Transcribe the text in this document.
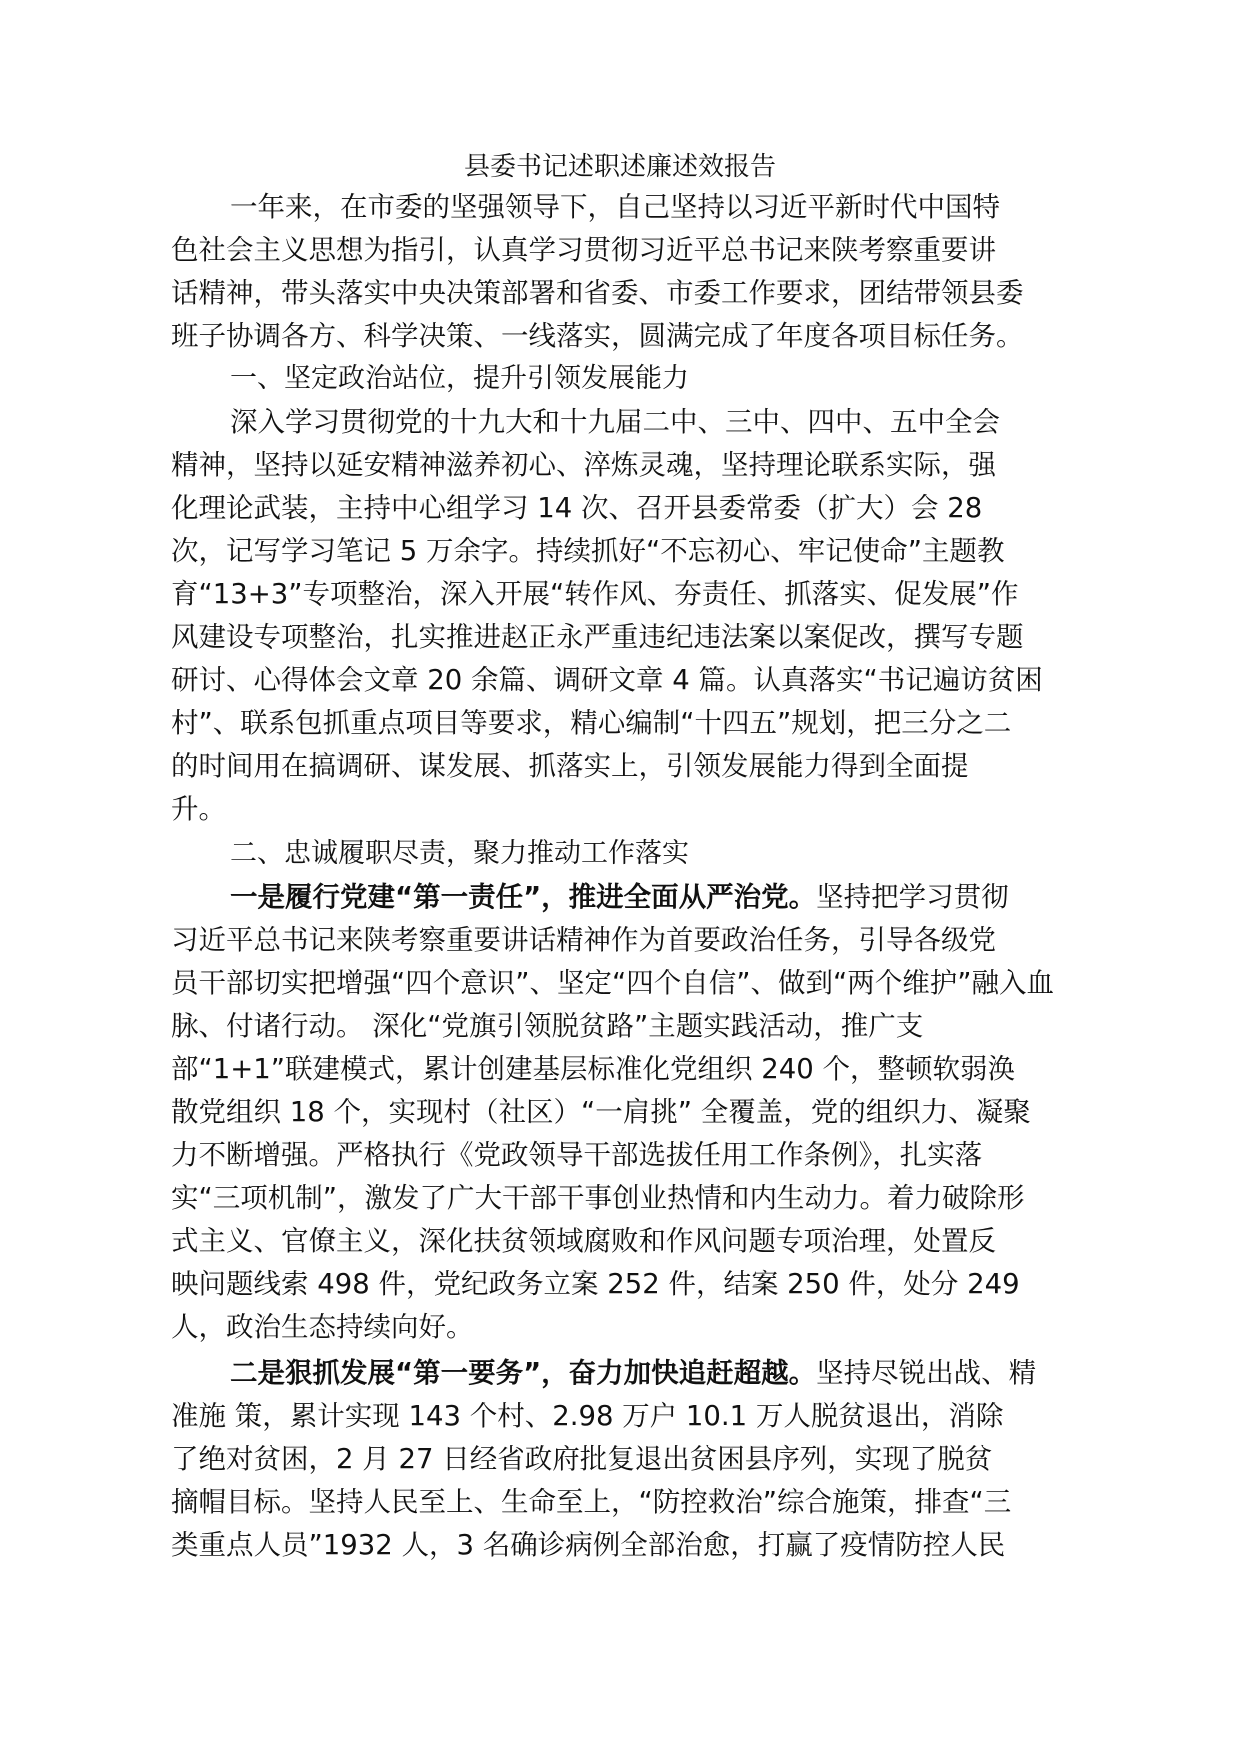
县委书记述职述廉述效报告
一年来，在市委的坚强领导下，自己坚持以习近平新时代中国特
色社会主义思想为指引，认真学习贯彻习近平总书记来陕考察重要讲
话精神，带头落实中央决策部署和省委、市委工作要求，团结带领县委
班子协调各方、科学决策、一线落实，圆满完成了年度各项目标任务。
一、坚定政治站位，提升引领发展能力
深入学习贯彻党的十九大和十九届二中、三中、四中、五中全会
精神，坚持以延安精神滋养初心、淬炼灵魂，坚持理论联系实际，强
化理论武装，主持中心组学习 14 次、召开县委常委（扩大）会 28
次，记写学习笔记 5 万余字。持续抓好“不忘初心、牢记使命”主题教
育“13+3”专项整治，深入开展“转作风、夯责任、抓落实、促发展”作
风建设专项整治，扎实推进赵正永严重违纪违法案以案促改，撰写专题
研讨、心得体会文章 20 余篇、调研文章 4 篇。认真落实“书记遍访贫困
村”、联系包抓重点项目等要求，精心编制“十四五”规划，把三分之二
的时间用在搞调研、谋发展、抓落实上，引领发展能力得到全面提
升。
二、忠诚履职尽责，聚力推动工作落实
一是履行党建“第一责任”，推进全面从严治党。坚持把学习贯彻
习近平总书记来陕考察重要讲话精神作为首要政治任务，引导各级党
员干部切实把增强“四个意识”、坚定“四个自信”、做到“两个维护”融入血
脉、付诸行动。 深化“党旗引领脱贫路”主题实践活动，推广支
部“1+1”联建模式，累计创建基层标准化党组织 240 个，整顿软弱涣
散党组织 18 个，实现村（社区）“一肩挑” 全覆盖，党的组织力、凝聚
力不断增强。严格执行《党政领导干部选拔任用工作条例》，扎实落
实“三项机制”，激发了广大干部干事创业热情和内生动力。着力破除形
式主义、官僚主义，深化扶贫领域腐败和作风问题专项治理，处置反
映问题线索 498 件，党纪政务立案 252 件，结案 250 件，处分 249
人，政治生态持续向好。
二是狠抓发展“第一要务”，奋力加快追赶超越。坚持尽锐出战、精
准施 策，累计实现 143 个村、2.98 万户 10.1 万人脱贫退出，消除
了绝对贫困，2 月 27 日经省政府批复退出贫困县序列，实现了脱贫
摘帽目标。坚持人民至上、生命至上，“防控救治”综合施策，排查“三
类重点人员”1932 人，3 名确诊病例全部治愈，打赢了疫情防控人民
